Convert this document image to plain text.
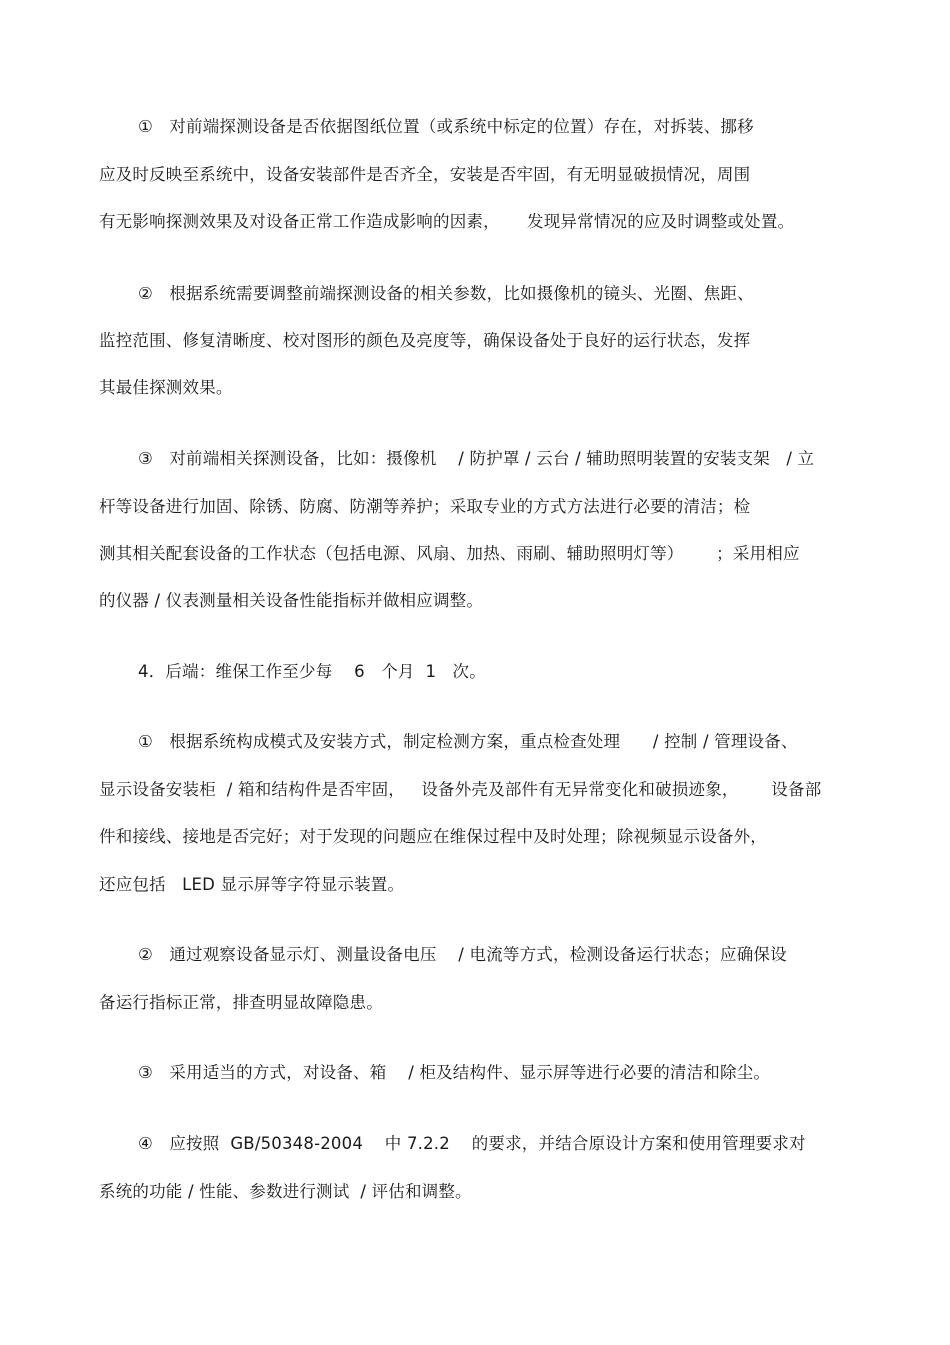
①   对前端探测设备是否依据图纸位置（或系统中标定的位置）存在，对拆装、挪移
应及时反映至系统中，设备安装部件是否齐全，安装是否牢固，有无明显破损情况，周围
有无影响探测效果及对设备正常工作造成影响的因素，     发现异常情况的应及时调整或处置。
②   根据系统需要调整前端探测设备的相关参数，比如摄像机的镜头、光圈、焦距、
监控范围、修复清晰度、校对图形的颜色及亮度等，确保设备处于良好的运行状态，发挥
其最佳探测效果。
③   对前端相关探测设备，比如：摄像机    / 防护罩 / 云台 / 辅助照明装置的安装支架   / 立
杆等设备进行加固、除锈、防腐、防潮等养护；采取专业的方式方法进行必要的清洁；检
测其相关配套设备的工作状态（包括电源、风扇、加热、雨刷、辅助照明灯等）      ；采用相应
的仪器 / 仪表测量相关设备性能指标并做相应调整。
4．后端：维保工作至少每    6   个月  1   次。
①   根据系统构成模式及安装方式，制定检测方案，重点检查处理      / 控制 / 管理设备、
显示设备安装柜  / 箱和结构件是否牢固，   设备外壳及部件有无异常变化和破损迹象，      设备部
件和接线、接地是否完好；对于发现的问题应在维保过程中及时处理；除视频显示设备外，
还应包括   LED 显示屏等字符显示装置。
②   通过观察设备显示灯、测量设备电压    / 电流等方式，检测设备运行状态；应确保设
备运行指标正常，排查明显故障隐患。
③   采用适当的方式，对设备、箱    / 柜及结构件、显示屏等进行必要的清洁和除尘。
④   应按照  GB/50348-2004    中 7.2.2    的要求，并结合原设计方案和使用管理要求对
系统的功能 / 性能、参数进行测试  / 评估和调整。
